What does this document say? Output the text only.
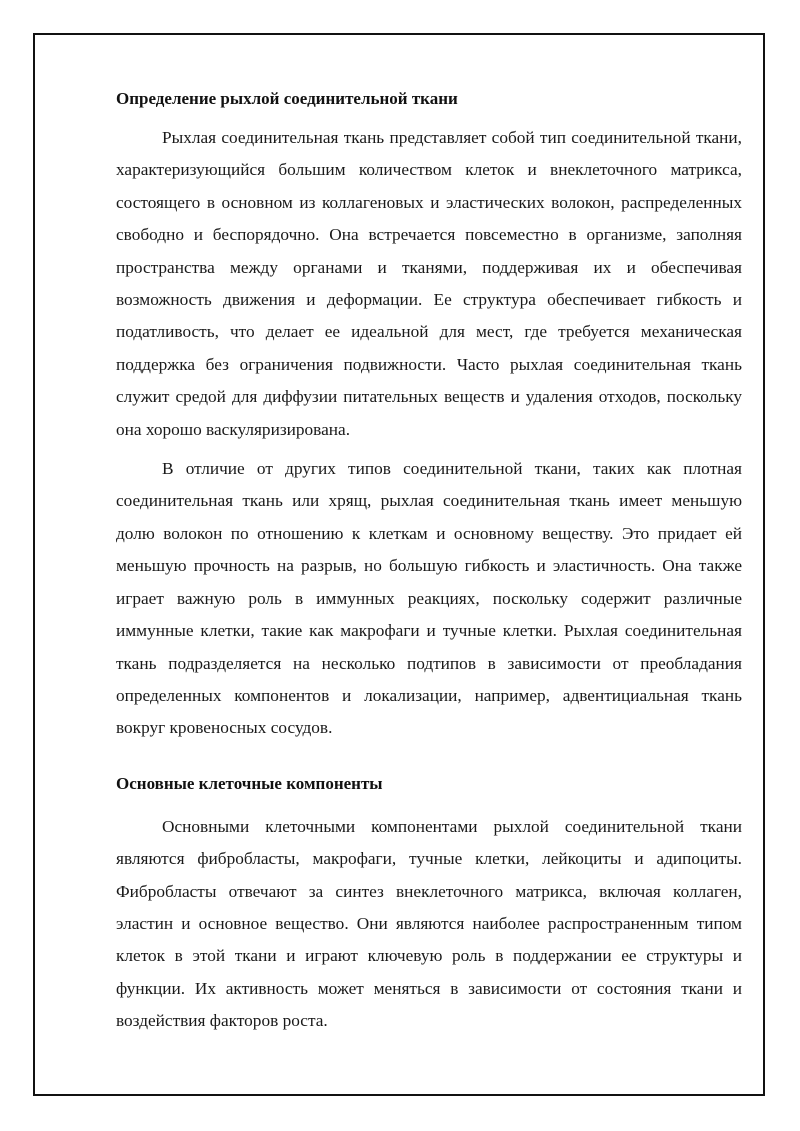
Определение рыхлой соединительной ткани

Рыхлая соединительная ткань представляет собой тип соединительной ткани, характеризующийся большим количеством клеток и внеклеточного матрикса, состоящего в основном из коллагеновых и эластических волокон, распределенных свободно и беспорядочно. Она встречается повсеместно в организме, заполняя пространства между органами и тканями, поддерживая их и обеспечивая возможность движения и деформации. Ее структура обеспечивает гибкость и податливость, что делает ее идеальной для мест, где требуется механическая поддержка без ограничения подвижности. Часто рыхлая соединительная ткань служит средой для диффузии питательных веществ и удаления отходов, поскольку она хорошо васкуляризирована.

В отличие от других типов соединительной ткани, таких как плотная соединительная ткань или хрящ, рыхлая соединительная ткань имеет меньшую долю волокон по отношению к клеткам и основному веществу. Это придает ей меньшую прочность на разрыв, но большую гибкость и эластичность. Она также играет важную роль в иммунных реакциях, поскольку содержит различные иммунные клетки, такие как макрофаги и тучные клетки. Рыхлая соединительная ткань подразделяется на несколько подтипов в зависимости от преобладания определенных компонентов и локализации, например, адвентициальная ткань вокруг кровеносных сосудов.

Основные клеточные компоненты

Основными клеточными компонентами рыхлой соединительной ткани являются фибробласты, макрофаги, тучные клетки, лейкоциты и адипоциты. Фибробласты отвечают за синтез внеклеточного матрикса, включая коллаген, эластин и основное вещество. Они являются наиболее распространенным типом клеток в этой ткани и играют ключевую роль в поддержании ее структуры и функции. Их активность может меняться в зависимости от состояния ткани и воздействия факторов роста.
